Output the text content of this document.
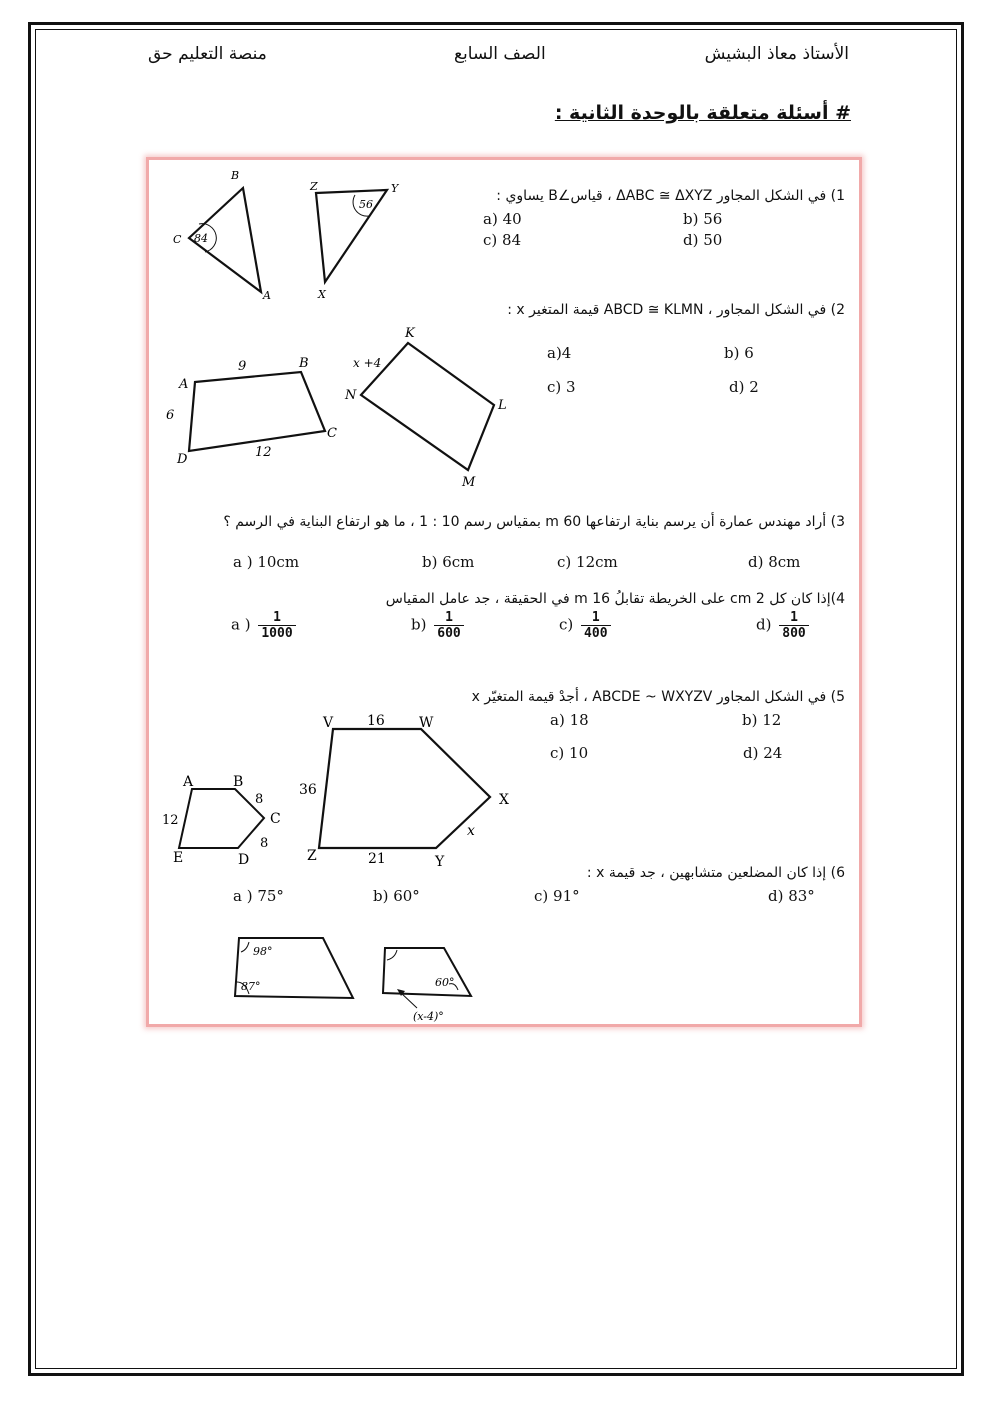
الأستاذ معاذ البشيش
الصف السابع
منصة التعليم حق
# أسئلة متعلقة بالوحدة الثانية :
1) في الشكل المجاور ΔABC ≅ ΔXYZ ، قياس∠B يساوي :
a) 40	b) 56
c) 84	d) 50
B
C
A
84
Z	Y
X
56
2) في الشكل المجاور ، ABCD ≅ KLMN قيمة المتغير x :
a)4	b) 6
c) 3	d) 2
9
6
12
A
B
C
D
K
L
M
N
x +4
3) أراد مهندس عمارة أن يرسم بناية ارتفاعها 60 m بمقياس رسم 10 : 1 ، ما هو ارتفاع البناية في الرسم ؟
a ) 10cm	b) 6cm	c) 12cm	d) 8cm
4)إذا كان كل 2 cm على الخريطة تقابلُ 16 m في الحقيقة ، جد عامل المقياس
a ) $\frac{1}{1000}$	$b) \frac{1}{600}$	$c) \frac{1}{400}$	$d) \frac{1}{800}$
5) في الشكل المجاور ABCDE ~ WXYZV ، أجدْ قيمة المتغيّر x
a) 18	b) 12
c) 10	d) 24
A	B
C
D
E
8
8
12
V	W
X
Y
Z
16
36
21
x
6) إذا كان المضلعين متشابهين ، جد قيمة x :
a ) 75°	b) 60°	c) 91°	d) 83°
98°
87°	60°
(x-4)°
